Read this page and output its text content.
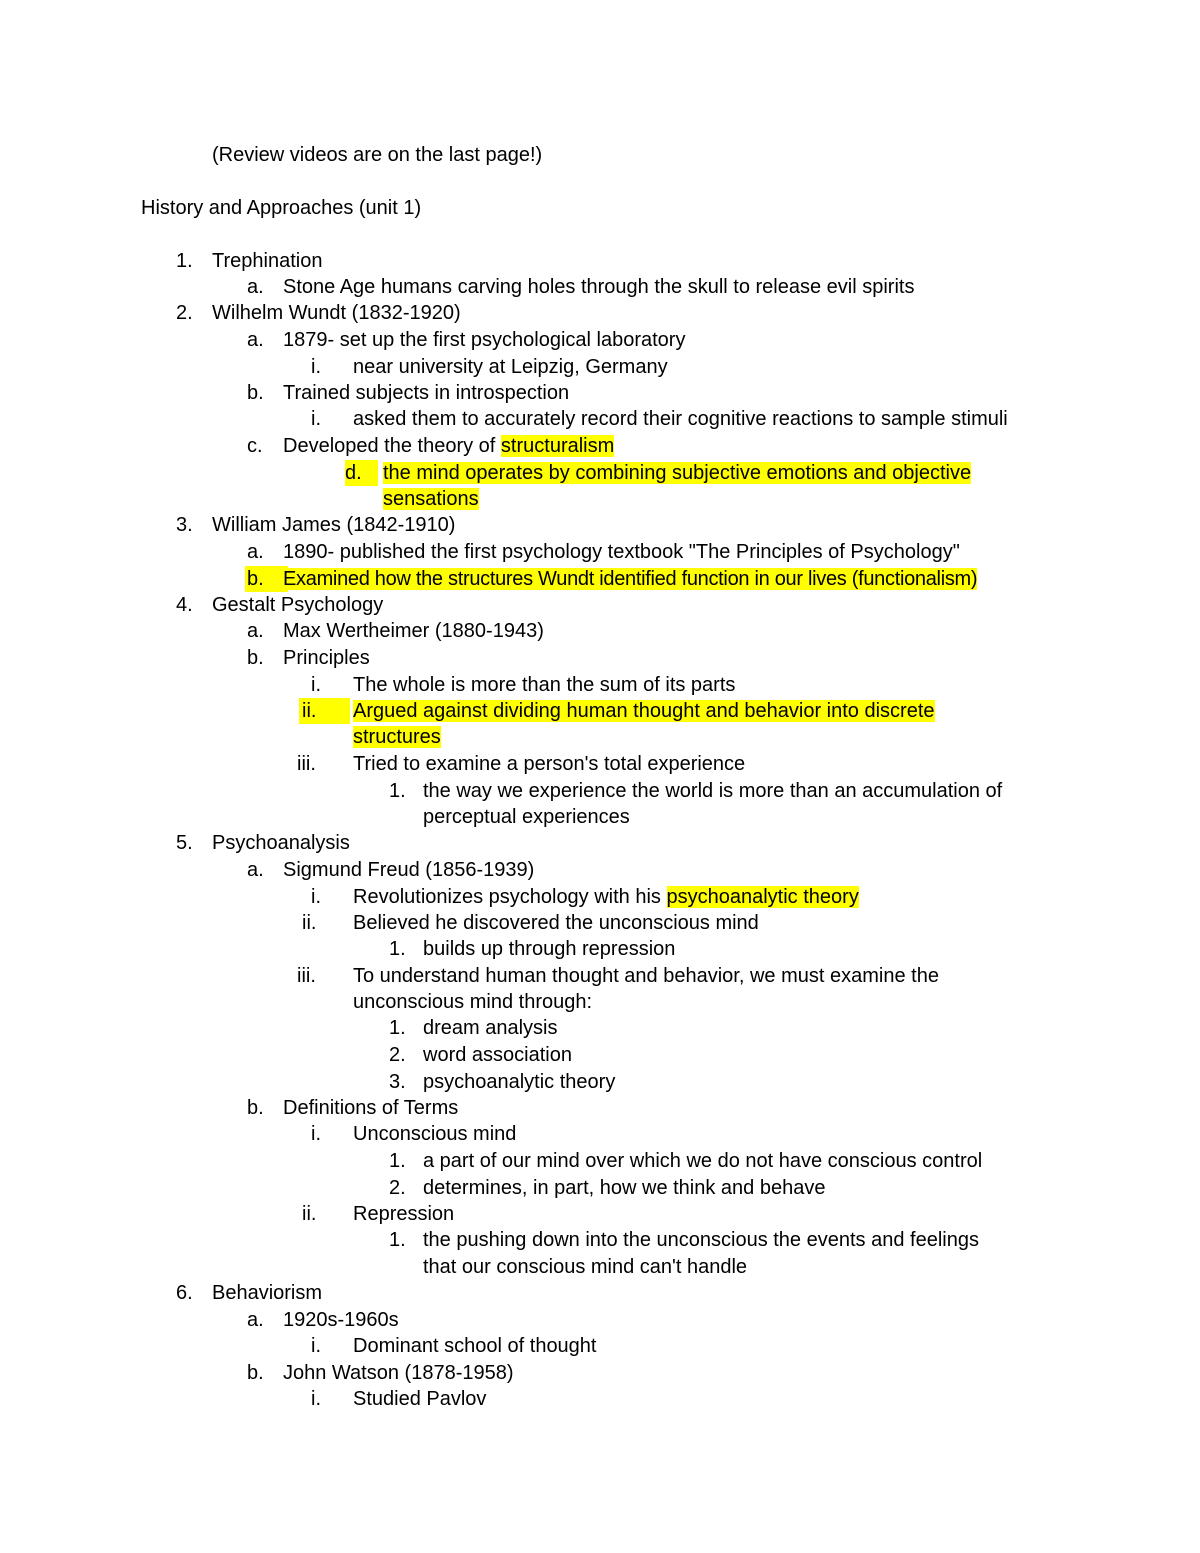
(Review videos are on the last page!)
History and Approaches (unit 1)
1. Trephination
a. Stone Age humans carving holes through the skull to release evil spirits
2. Wilhelm Wundt (1832-1920)
a. 1879- set up the first psychological laboratory
i. near university at Leipzig, Germany
b. Trained subjects in introspection
i. asked them to accurately record their cognitive reactions to sample stimuli
c. Developed the theory of structuralism
d.	the mind operates by combining subjective emotions and objective
sensations
3. William James (1842-1910)
a. 1890- published the first psychology textbook "The Principles of Psychology"
b. Examined how the structures Wundt identified function in our lives (functionalism)
4. Gestalt Psychology
a. Max Wertheimer (1880-1943)
b. Principles
i. The whole is more than the sum of its parts
ii.	Argued against dividing human thought and behavior into discrete
structures
iii. Tried to examine a person's total experience
1. the way we experience the world is more than an accumulation of
perceptual experiences
5. Psychoanalysis
a. Sigmund Freud (1856-1939)
i. Revolutionizes psychology with his psychoanalytic theory
ii. Believed he discovered the unconscious mind
1. builds up through repression
iii. To understand human thought and behavior, we must examine the
unconscious mind through:
1. dream analysis
2. word association
3. psychoanalytic theory
b. Definitions of Terms
i. Unconscious mind
1. a part of our mind over which we do not have conscious control
2. determines, in part, how we think and behave
ii. Repression
1. the pushing down into the unconscious the events and feelings
that our conscious mind can't handle
6. Behaviorism
a. 1920s-1960s
i. Dominant school of thought
b. John Watson (1878-1958)
i. Studied Pavlov
